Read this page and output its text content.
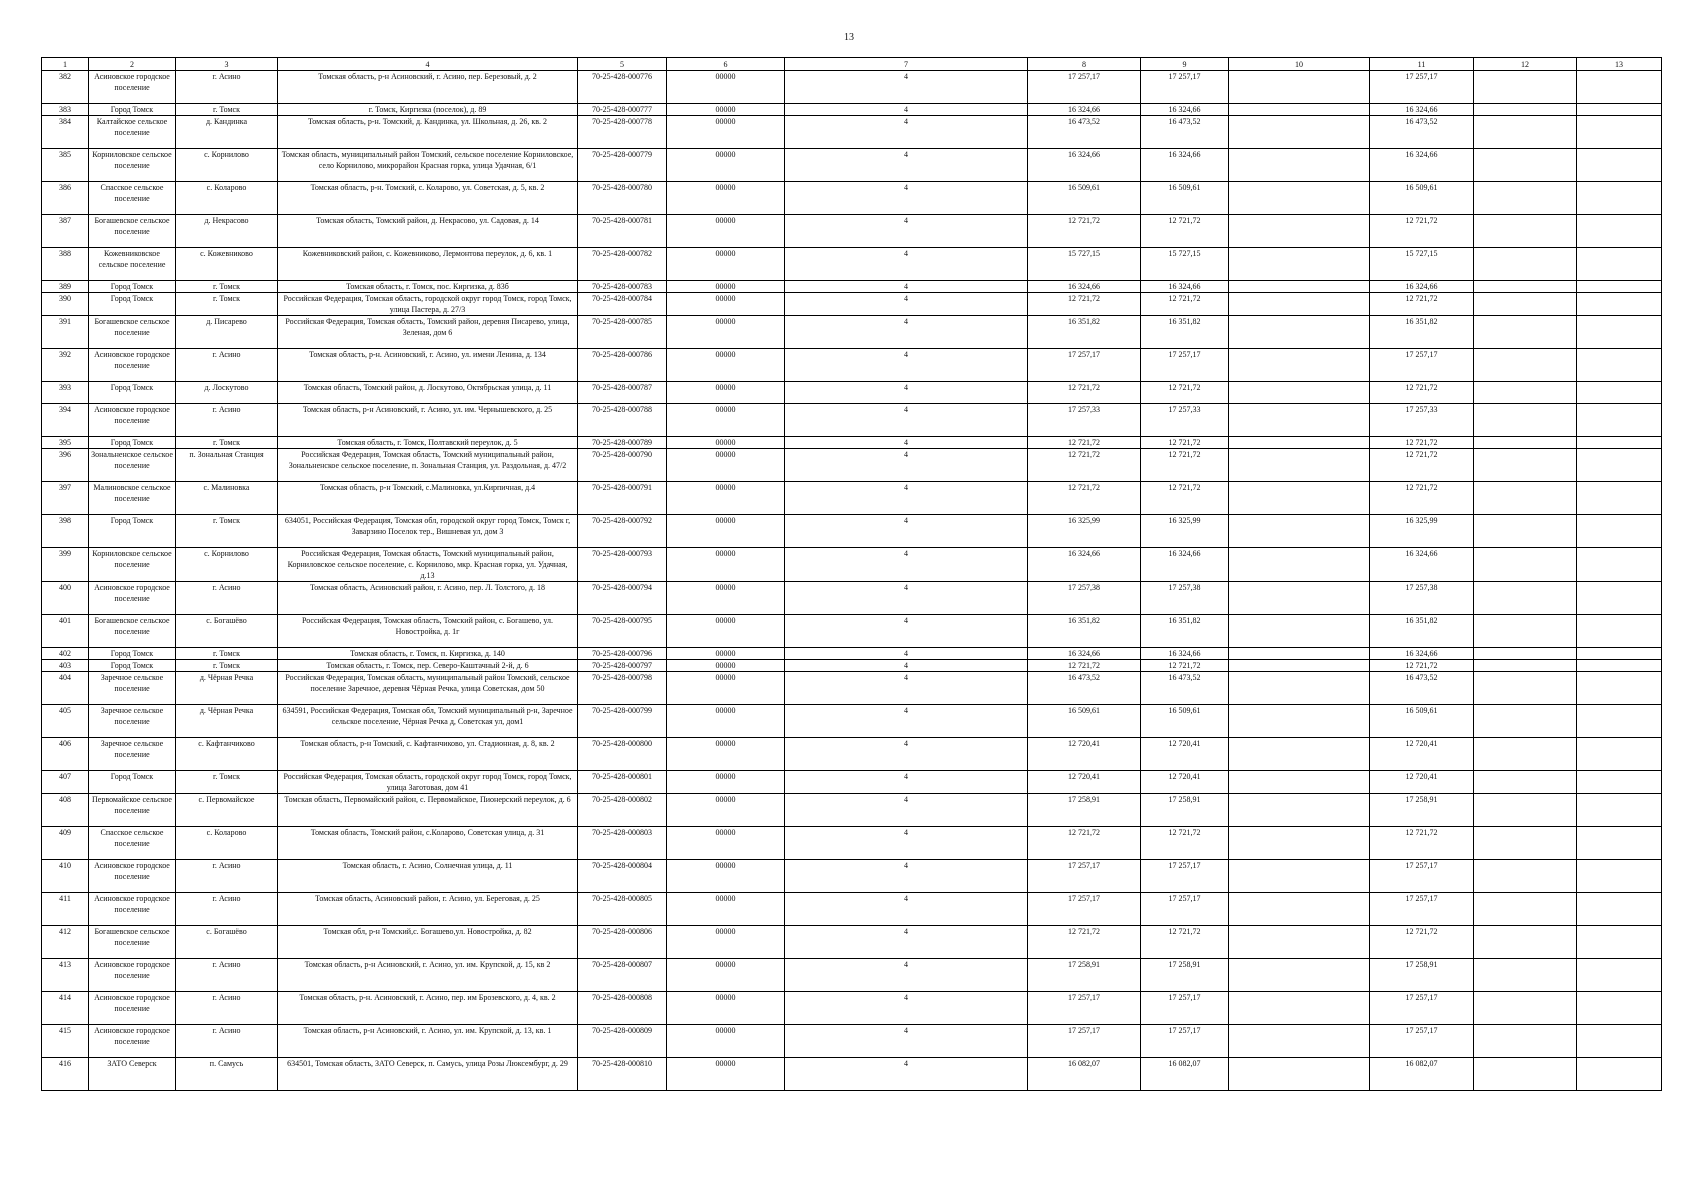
13
1	2	3	4	5	6	7	8	9	10	11	12	13
382	Асиновское городское поселение	г. Асино	Томская область, р-н Асиновский, г. Асино, пер. Березовый, д. 2	70-25-428-000776	00000	4	17 257,17	17 257,17		17 257,17		
383	Город Томск	г. Томск	г. Томск, Киргизка (поселок), д. 89	70-25-428-000777	00000	4	16 324,66	16 324,66		16 324,66		
384	Калтайское сельское поселение	д. Кандинка	Томская область, р-н. Томский, д. Кандинка, ул. Школьная, д. 26, кв. 2	70-25-428-000778	00000	4	16 473,52	16 473,52		16 473,52		
385	Корниловское сельское поселение	с. Корнилово	Томская область, муниципальный район Томский, сельское поселение Корниловское, село Корнилово, микрорайон Красная горка, улица Удачная, 6/1	70-25-428-000779	00000	4	16 324,66	16 324,66		16 324,66		
386	Спасское сельское поселение	с. Коларово	Томская область, р-н. Томский, с. Коларово, ул. Советская, д. 5, кв. 2	70-25-428-000780	00000	4	16 509,61	16 509,61		16 509,61		
387	Богашевское сельское поселение	д. Некрасово	Томская область, Томский район, д. Некрасово, ул. Садовая, д. 14	70-25-428-000781	00000	4	12 721,72	12 721,72		12 721,72		
388	Кожевниковское сельское поселение	с. Кожевниково	Кожевниковский район, с. Кожевниково, Лермонтова переулок, д. 6, кв. 1	70-25-428-000782	00000	4	15 727,15	15 727,15		15 727,15		
389	Город Томск	г. Томск	Томская область, г. Томск, пос. Киргизка, д. 83б	70-25-428-000783	00000	4	16 324,66	16 324,66		16 324,66		
390	Город Томск	г. Томск	Российская Федерация, Томская область, городской округ город Томск, город Томск, улица Пастера, д. 27/3	70-25-428-000784	00000	4	12 721,72	12 721,72		12 721,72		
391	Богашевское сельское поселение	д. Писарево	Российская Федерация, Томская область, Томский район, деревня Писарево, улица, Зеленая, дом 6	70-25-428-000785	00000	4	16 351,82	16 351,82		16 351,82		
392	Асиновское городское поселение	г. Асино	Томская область, р-н. Асиновский, г. Асино, ул. имени Ленина, д. 134	70-25-428-000786	00000	4	17 257,17	17 257,17		17 257,17		
393	Город Томск	д. Лоскутово	Томская область, Томский район, д. Лоскутово, Октябрьская улица, д. 11	70-25-428-000787	00000	4	12 721,72	12 721,72		12 721,72		
394	Асиновское городское поселение	г. Асино	Томская область, р-н Асиновский, г. Асино, ул. им. Чернышевского, д. 25	70-25-428-000788	00000	4	17 257,33	17 257,33		17 257,33		
395	Город Томск	г. Томск	Томская область, г. Томск, Полтавский переулок, д. 5	70-25-428-000789	00000	4	12 721,72	12 721,72		12 721,72		
396	Зональненское сельское поселение	п. Зональная Станция	Российская Федерация, Томская область, Томский муниципальный район, Зональненское сельское поселение, п. Зональная Станция, ул. Раздольная, д. 47/2	70-25-428-000790	00000	4	12 721,72	12 721,72		12 721,72		
397	Малиновское сельское поселение	с. Малиновка	Томская область, р-н Томский, с.Малиновка, ул.Кирпичная, д.4	70-25-428-000791	00000	4	12 721,72	12 721,72		12 721,72		
398	Город Томск	г. Томск	634051, Российская Федерация, Томская обл, городской округ город Томск, Томск г, Заварзино Поселок тер., Вишневая ул, дом 3	70-25-428-000792	00000	4	16 325,99	16 325,99		16 325,99		
399	Корниловское сельское поселение	с. Корнилово	Российская Федерация, Томская область, Томский муниципальный район, Корниловское сельское поселение, с. Корнилово, мкр. Красная горка, ул. Удачная, д.13	70-25-428-000793	00000	4	16 324,66	16 324,66		16 324,66		
400	Асиновское городское поселение	г. Асино	Томская область, Асиновский район, г. Асино, пер. Л. Толстого, д. 18	70-25-428-000794	00000	4	17 257,38	17 257,38		17 257,38		
401	Богашевское сельское поселение	с. Богашёво	Российская Федерация, Томская область, Томский район, с. Богашево, ул. Новостройка, д. 1г	70-25-428-000795	00000	4	16 351,82	16 351,82		16 351,82		
402	Город Томск	г. Томск	Томская область, г. Томск, п. Киргизка, д. 140	70-25-428-000796	00000	4	16 324,66	16 324,66		16 324,66		
403	Город Томск	г. Томск	Томская область, г. Томск, пер. Северо-Каштачный 2-й, д. 6	70-25-428-000797	00000	4	12 721,72	12 721,72		12 721,72		
404	Заречное сельское поселение	д. Чёрная Речка	Российская Федерация, Томская область, муниципальный район Томский, сельское поселение Заречное, деревня Чёрная Речка, улица Советская, дом 50	70-25-428-000798	00000	4	16 473,52	16 473,52		16 473,52		
405	Заречное сельское поселение	д. Чёрная Речка	634591, Российская Федерация, Томская обл, Томский муниципальный р-н, Заречное сельское поселение, Чёрная Речка д, Советская ул, дом1	70-25-428-000799	00000	4	16 509,61	16 509,61		16 509,61		
406	Заречное сельское поселение	с. Кафтанчиково	Томская область, р-н Томский, с. Кафтанчиково, ул. Стадионная, д. 8, кв. 2	70-25-428-000800	00000	4	12 720,41	12 720,41		12 720,41		
407	Город Томск	г. Томск	Российская Федерация, Томская область, городской округ город Томск, город Томск, улица Заготовая, дом 41	70-25-428-000801	00000	4	12 720,41	12 720,41		12 720,41		
408	Первомайское сельское поселение	с. Первомайское	Томская область, Первомайский район, с. Первомайское, Пионерский переулок, д. 6	70-25-428-000802	00000	4	17 258,91	17 258,91		17 258,91		
409	Спасское сельское поселение	с. Коларово	Томская область, Томский район, с.Коларово, Советская улица, д. 31	70-25-428-000803	00000	4	12 721,72	12 721,72		12 721,72		
410	Асиновское городское поселение	г. Асино	Томская область, г. Асино, Солнечная улица, д. 11	70-25-428-000804	00000	4	17 257,17	17 257,17		17 257,17		
411	Асиновское городское поселение	г. Асино	Томская область, Асиновский район, г. Асино, ул. Береговая, д. 25	70-25-428-000805	00000	4	17 257,17	17 257,17		17 257,17		
412	Богашевское сельское поселение	с. Богашёво	Томская обл, р-н Томский,с. Богашево,ул. Новостройка, д. 82	70-25-428-000806	00000	4	12 721,72	12 721,72		12 721,72		
413	Асиновское городское поселение	г. Асино	Томская область, р-н Асиновский, г. Асино, ул. им. Крупской, д. 15, кв 2	70-25-428-000807	00000	4	17 258,91	17 258,91		17 258,91		
414	Асиновское городское поселение	г. Асино	Томская область, р-н. Асиновский, г. Асино, пер. им Брозевского, д. 4, кв. 2	70-25-428-000808	00000	4	17 257,17	17 257,17		17 257,17		
415	Асиновское городское поселение	г. Асино	Томская область, р-н Асиновский, г. Асино, ул. им. Крупской, д. 13, кв. 1	70-25-428-000809	00000	4	17 257,17	17 257,17		17 257,17		
416	ЗАТО Северск	п. Самусь	634501, Томская область, ЗАТО Северск, п. Самусь, улица Розы Люксембург, д. 29	70-25-428-000810	00000	4	16 082,07	16 082,07		16 082,07		
